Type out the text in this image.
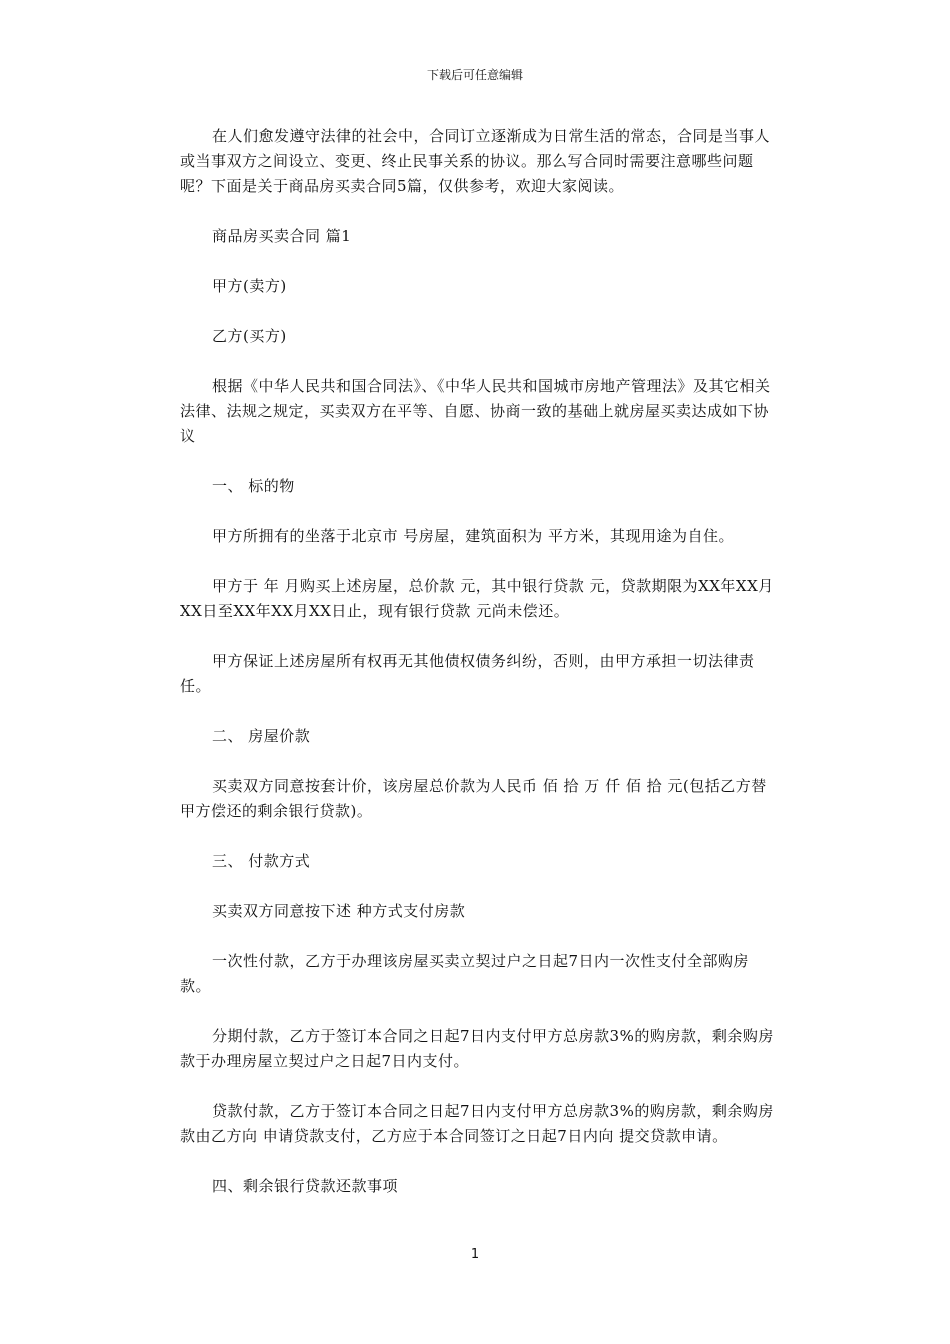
下载后可任意编辑

在人们愈发遵守法律的社会中，合同订立逐渐成为日常生活的常态，合同是当事人或当事双方之间设立、变更、终止民事关系的协议。那么写合同时需要注意哪些问题呢？下面是关于商品房买卖合同5篇，仅供参考，欢迎大家阅读。

商品房买卖合同 篇1

甲方(卖方)

乙方(买方)

根据《中华人民共和国合同法》、《中华人民共和国城市房地产管理法》及其它相关法律、法规之规定，买卖双方在平等、自愿、协商一致的基础上就房屋买卖达成如下协议

一、 标的物

甲方所拥有的坐落于北京市 号房屋，建筑面积为 平方米，其现用途为自住。

甲方于 年 月购买上述房屋，总价款 元，其中银行贷款 元，贷款期限为XX年XX月XX日至XX年XX月XX日止，现有银行贷款 元尚未偿还。

甲方保证上述房屋所有权再无其他债权债务纠纷，否则，由甲方承担一切法律责任。

二、 房屋价款

买卖双方同意按套计价，该房屋总价款为人民币 佰 拾 万 仟 佰 拾 元(包括乙方替甲方偿还的剩余银行贷款)。

三、 付款方式

买卖双方同意按下述 种方式支付房款

一次性付款，乙方于办理该房屋买卖立契过户之日起7日内一次性支付全部购房款。

分期付款，乙方于签订本合同之日起7日内支付甲方总房款3%的购房款，剩余购房款于办理房屋立契过户之日起7日内支付。

贷款付款，乙方于签订本合同之日起7日内支付甲方总房款3%的购房款，剩余购房款由乙方向 申请贷款支付，乙方应于本合同签订之日起7日内向 提交贷款申请。

四、剩余银行贷款还款事项

1
